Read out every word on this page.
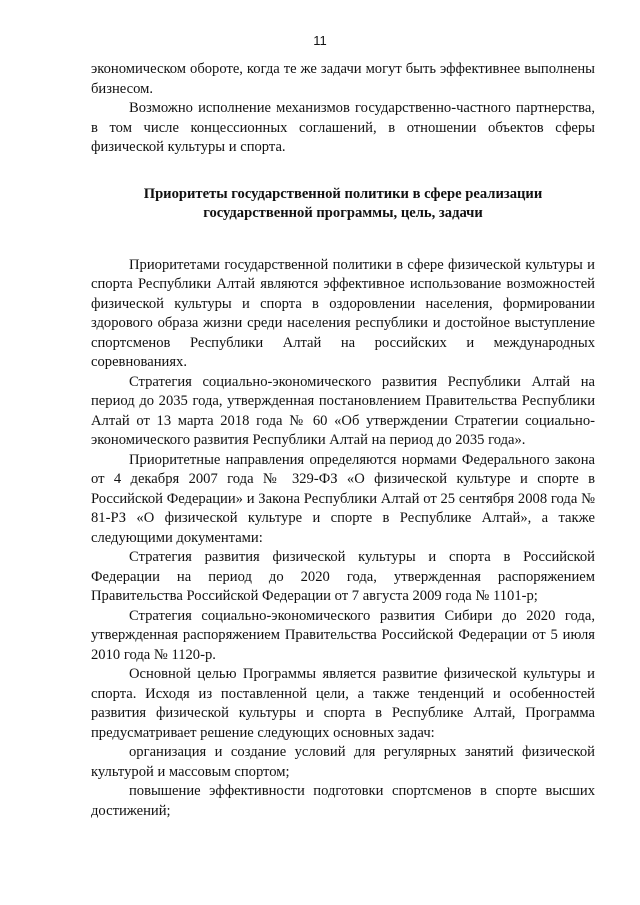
11

экономическом обороте, когда те же задачи могут быть эффективнее выполнены бизнесом.

Возможно исполнение механизмов государственно-частного партнерства, в том числе концессионных соглашений, в отношении объектов сферы физической культуры и спорта.

Приоритеты государственной политики в сфере реализации
государственной программы, цель, задачи

Приоритетами государственной политики в сфере физической культуры и спорта Республики Алтай являются эффективное использование возможностей физической культуры и спорта в оздоровлении населения, формировании здорового образа жизни среди населения республики и достойное выступление спортсменов Республики Алтай на российских и международных соревнованиях.

Стратегия социально-экономического развития Республики Алтай на период до 2035 года, утвержденная постановлением Правительства Республики Алтай от 13 марта 2018 года № 60 «Об утверждении Стратегии социально-экономического развития Республики Алтай на период до 2035 года».

Приоритетные направления определяются нормами Федерального закона от 4 декабря 2007 года № 329-ФЗ «О физической культуре и спорте в Российской Федерации» и Закона Республики Алтай от 25 сентября 2008 года № 81-РЗ «О физической культуре и спорте в Республике Алтай», а также следующими документами:

Стратегия развития физической культуры и спорта в Российской Федерации на период до 2020 года, утвержденная распоряжением Правительства Российской Федерации от 7 августа 2009 года № 1101-р;

Стратегия социально-экономического развития Сибири до 2020 года, утвержденная распоряжением Правительства Российской Федерации от 5 июля 2010 года № 1120-р.

Основной целью Программы является развитие физической культуры и спорта. Исходя из поставленной цели, а также тенденций и особенностей развития физической культуры и спорта в Республике Алтай, Программа предусматривает решение следующих основных задач:

организация и создание условий для регулярных занятий физической культурой и массовым спортом;

повышение эффективности подготовки спортсменов в спорте высших достижений;
